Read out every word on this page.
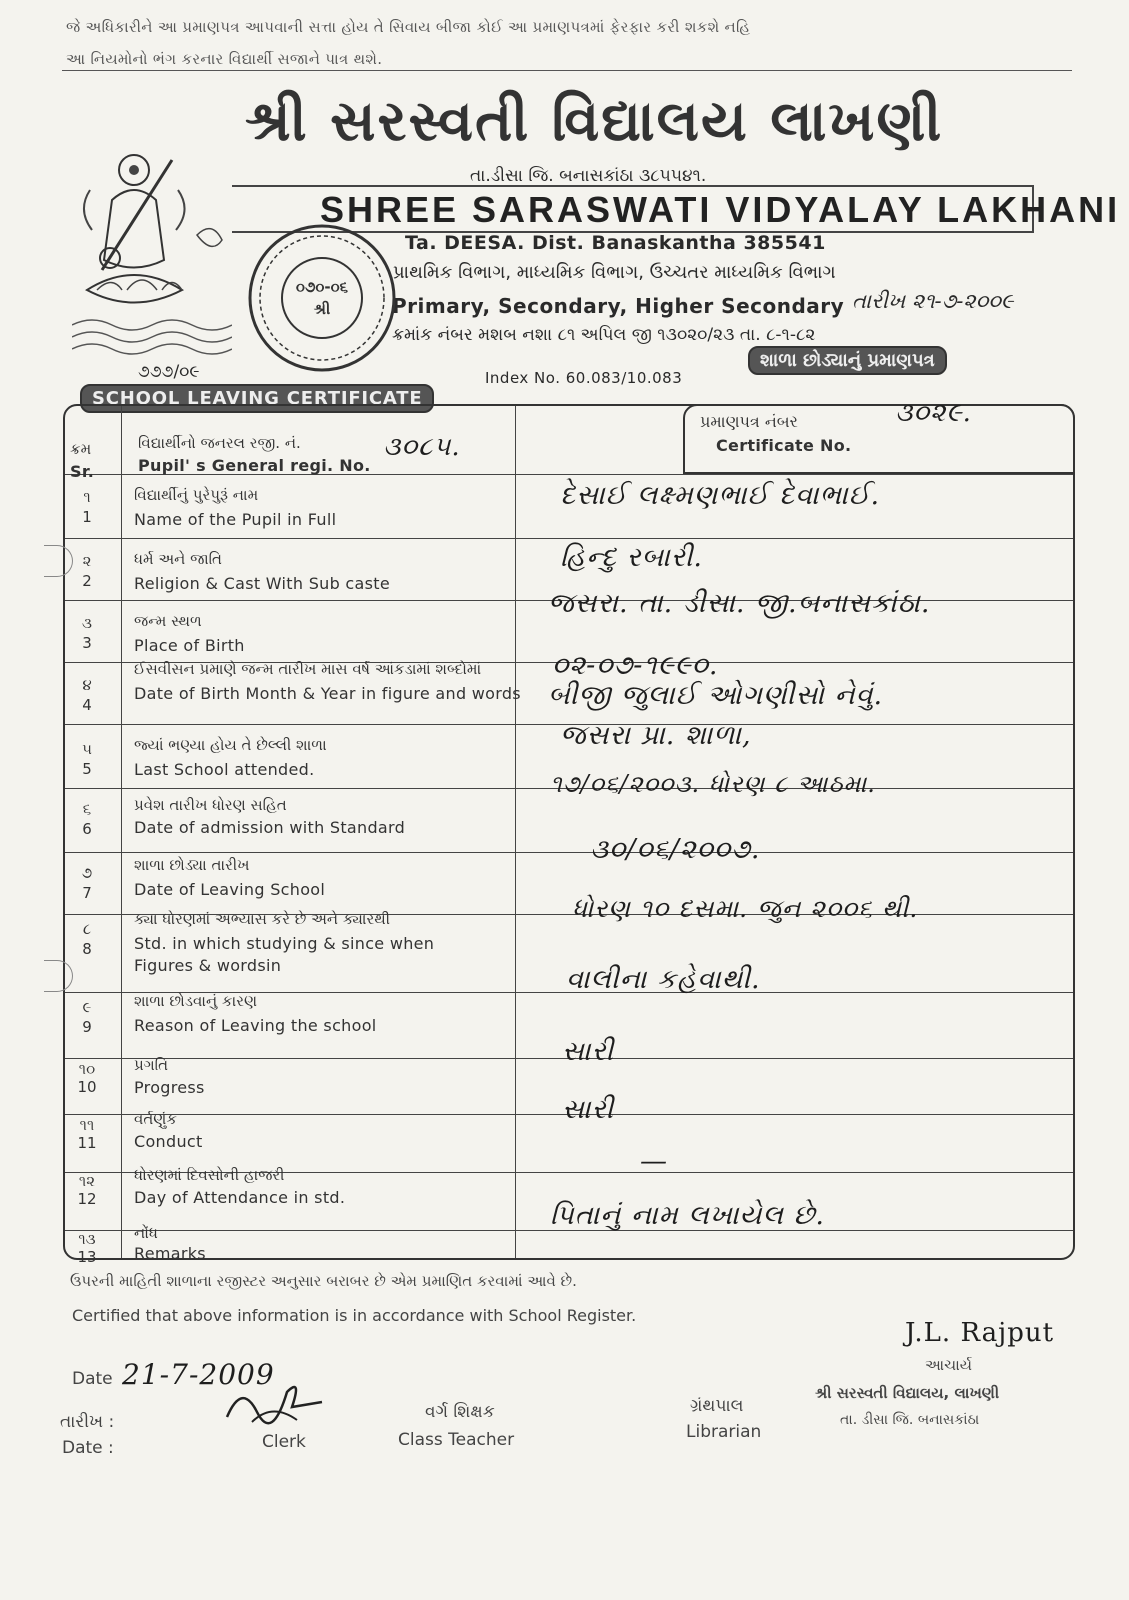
જે અધિકારીને આ પ્રમાણપત્ર આપવાની સત્તા હોય તે સિવાય બીજા કોઈ આ પ્રમાણપત્રમાં ફેરફાર કરી શકશે નહિ
આ નિયમોનો ભંગ કરનાર વિદ્યાર્થી સજાને પાત્ર થશે.
શ્રી સરસ્વતી વિદ્યાલય લાખણી
તા.ડીસા જિ. બનાસકાંઠા ૩૮૫૫૪૧.
SHREE SARASWATI VIDYALAY LAKHANI
Ta. DEESA. Dist. Banaskantha 385541
પ્રાથમિક વિભાગ, માધ્યમિક વિભાગ, ઉચ્ચતર માધ્યમિક વિભાગ
Primary, Secondary, Higher Secondary તારીખ ૨૧-૭-૨૦૦૯
ક્રમાંક નંબર મશબ નશા ૮૧ અપિલ જી ૧૩૦૨૦/૨૩ તા. ૮-૧-૮૨
Index No. 60.083/10.083
૦૭૦-૦૬
શ્રી
૭૭૭/૦૯
SCHOOL LEAVING CERTIFICATE
શાળા છોડ્યાનું પ્રમાણપત્ર
ક્રમ
Sr.
વિદ્યાર્થીનો જનરલ રજી. નં.
Pupil' s General regi. No.
૩૦૮૫.
પ્રમાણપત્ર નંબર
Certificate No.
૩૦૨૯.
૧
1
વિદ્યાર્થીનું પુરેપુરૂં નામ
Name of the Pupil in Full
દેસાઈ લક્ષ્મણભાઈ દેવાભાઈ.
૨
2
ધર્મ અને જાતિ
Religion & Cast With Sub caste
હિન્દુ રબારી.
૩
3
જન્મ સ્થળ
Place of Birth
જસરા. તા. ડીસા. જી.બનાસકાંઠા.
૪
4
ઈસવીસન પ્રમાણે જન્મ તારીખ માસ વર્ષ આંકડામાં શબ્દોમાં
Date of Birth Month & Year in figure and words
૦૨-૦૭-૧૯૯૦.
બીજી જુલાઈ ઓગણીસો નેવું.
૫
5
જ્યાં ભણ્યા હોય તે છેલ્લી શાળા
Last School attended.
જસરા પ્રા. શાળા,
૬
6
પ્રવેશ તારીખ ધોરણ સહિત
Date of admission with Standard
૧૭/૦૬/૨૦૦૩. ધોરણ ૮ આઠમા.
૭
7
શાળા છોડ્યા તારીખ
Date of Leaving School
૩૦/૦૬/૨૦૦૭.
૮
8
ક્યા ધોરણમાં અભ્યાસ કરે છે અને ક્યારથી
Std. in which studying & since when
Figures & wordsin
ધોરણ ૧૦ દસમા. જુન ૨૦૦૬ થી.
૯
9
શાળા છોડવાનું કારણ
Reason of Leaving the school
વાલીના કહેવાથી.
૧૦
10
પ્રગતિ
Progress
સારી
૧૧
11
વર્તણુંક
Conduct
સારી
૧૨
12
ધોરણમાં દિવસોની હાજરી
Day of Attendance in std.
—
૧૩
13
નોંધ
Remarks
પિતાનું નામ લખાયેલ છે.
ઉપરની માહિતી શાળાના રજીસ્ટર અનુસાર બરાબર છે એમ પ્રમાણિત કરવામાં આવે છે.
Certified that above information is in accordance with School Register.
Date 21-7-2009
તારીખ :
Date :	Clerk
વર્ગ શિક્ષક
Class Teacher
ગ્રંથપાલ
Librarian
J.L. Rajput
આચાર્ય
શ્રી સરસ્વતી વિદ્યાલય, લાખણી
તા. ડીસા જિ. બનાસકાંઠા
